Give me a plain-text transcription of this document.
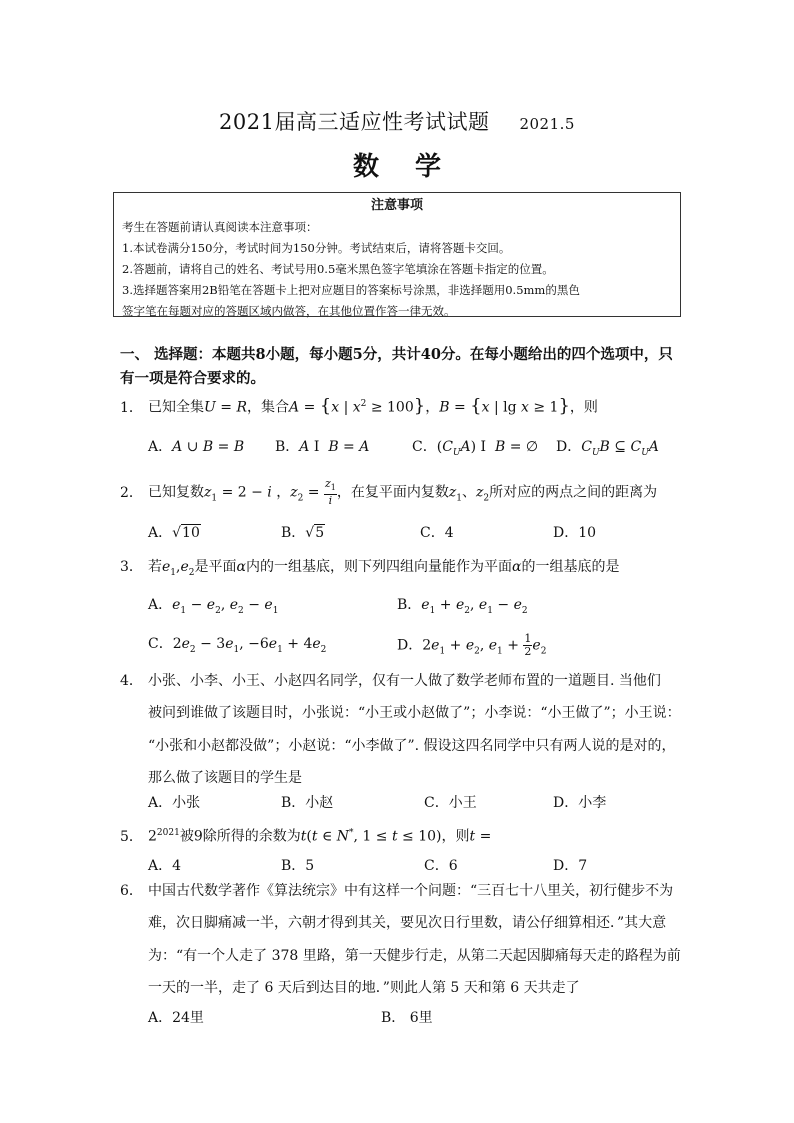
2021届高三适应性考试试题 2021.5
数学
注意事项
考生在答题前请认真阅读本注意事项：
1.本试卷满分150分，考试时间为150分钟。考试结束后，请将答题卡交回。
2.答题前，请将自己的姓名、考试号用0.5毫米黑色签字笔填涂在答题卡指定的位置。
3.选择题答案用2B铅笔在答题卡上把对应题目的答案标号涂黑，非选择题用0.5mm的黑色
签字笔在每题对应的答题区域内做答，在其他位置作答一律无效。
一、 选择题：本题共8小题，每小题5分，共计40分。在每小题给出的四个选项中，只
有一项是符合要求的。
1． 已知全集U = R，集合A = {x | $x^2 \ge 100$}，B = {x | lg x ≥ 1}，则
A．A ∪ B = B B．A I  B = A	C．$(C_UA)$ I  B = ∅ D．$C_UB$ ⊆ $C_UA$
2． 已知复数$z_1 = 2 - i$ ，$z_2 = \frac{z_1}{i}$ ，在复平面内复数$z_1$、$z_2$所对应的两点之间的距离为
A．√10	B．√5	C．4	D．10
3． 若$e_1,e_2$是平面α内的一组基底，则下列四组向量能作为平面α的一组基底的是
A．$e_1 - e_2$, $e_2 - e_1$	B．$e_1 + e_2$, $e_1 - e_2$
C．$2e_2 - 3e_1$, $-6e_1 + 4e_2$	D．$2e_1 + e_2$, $e_1 + \frac{1}{2} e_2$
4． 小张、小李、小王、小赵四名同学，仅有一人做了数学老师布置的一道题目. 当他们
被问到谁做了该题目时，小张说：“小王或小赵做了”；小李说：“小王做了”；小王说：
“小张和小赵都没做”；小赵说：“小李做了”. 假设这四名同学中只有两人说的是对的，
那么做了该题目的学生是
A．小张	B．小赵	C．小王	D．小李
5． $2^{2021}$被9除所得的余数为t(t ∈ N*, 1 ≤ t ≤ 10)，则t =
A．4	B．5	C．6	D．7
6． 中国古代数学著作《算法统宗》中有这样一个问题：“三百七十八里关，初行健步不为
难，次日脚痛减一半，六朝才得到其关，要见次日行里数，请公仔细算相还．”其大意
为：“有一个人走了 378 里路，第一天健步行走，从第二天起因脚痛每天走的路程为前
一天的一半，走了 6 天后到达目的地．”则此人第 5 天和第 6 天共走了
A．24里	B． 6里
